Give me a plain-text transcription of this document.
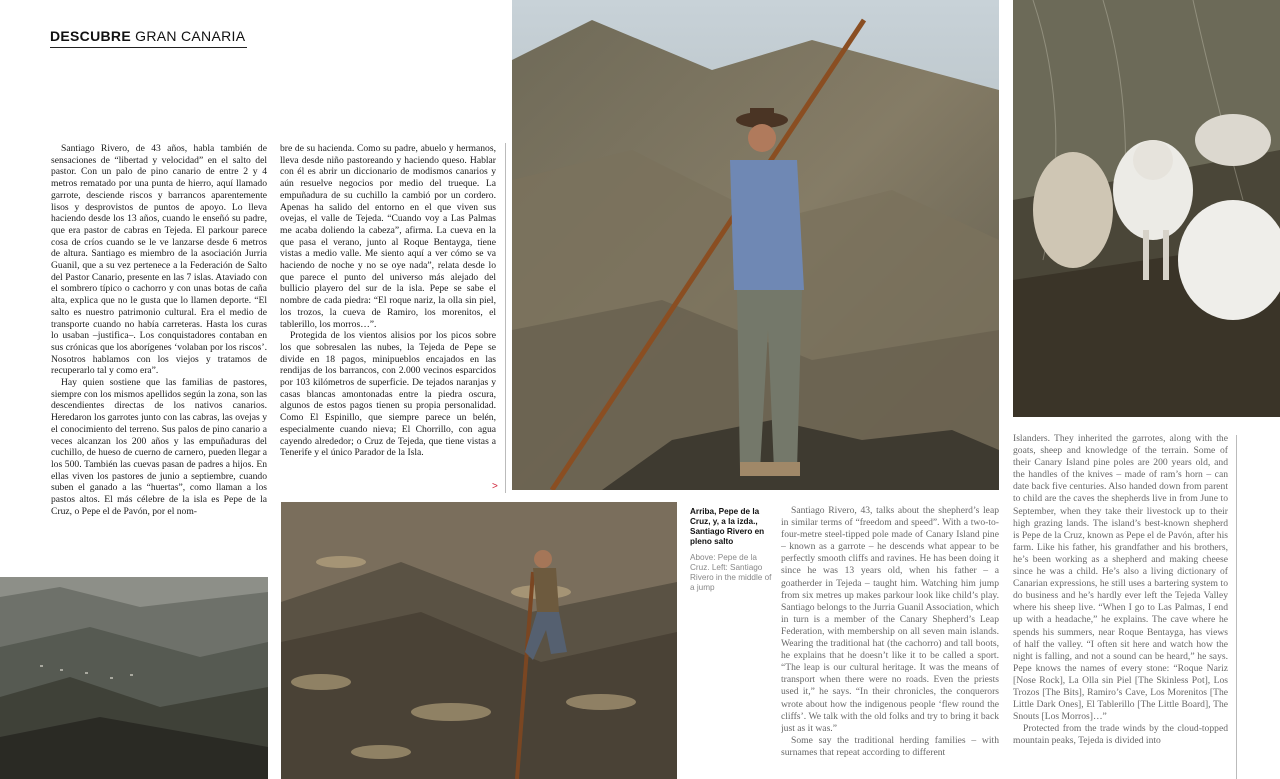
DESCUBRE GRAN CANARIA

Santiago Rivero, de 43 años, habla también de sensaciones de “libertad y velocidad” en el salto del pastor. Con un palo de pino canario de entre 2 y 4 metros rematado por una punta de hierro, aquí llamado garrote, desciende riscos y barrancos aparentemente lisos y desprovistos de puntos de apoyo. Lo lleva haciendo desde los 13 años, cuando le enseñó su padre, que era pastor de cabras en Tejeda. El parkour parece cosa de críos cuando se le ve lanzarse desde 6 metros de altura. Santiago es miembro de la asociación Jurria Guanil, que a su vez pertenece a la Federación de Salto del Pastor Canario, presente en las 7 islas. Ataviado con el sombrero típico o cachorro y con unas botas de caña alta, explica que no le gusta que lo llamen deporte. “El salto es nuestro patrimonio cultural. Era el medio de transporte cuando no había carreteras. Hasta los curas lo usaban –justifica–. Los conquistadores contaban en sus crónicas que los aborígenes ‘volaban por los riscos’. Nosotros hablamos con los viejos y tratamos de recuperarlo tal y como era”.

Hay quien sostiene que las familias de pastores, siempre con los mismos apellidos según la zona, son las descendientes directas de los nativos canarios. Heredaron los garrotes junto con las cabras, las ovejas y el conocimiento del terreno. Sus palos de pino canario a veces alcanzan los 200 años y las empuñaduras del cuchillo, de hueso de cuerno de carnero, pueden llegar a los 500. También las cuevas pasan de padres a hijos. En ellas viven los pastores de junio a septiembre, cuando suben el ganado a las “huertas”, como llaman a los pastos altos. El más célebre de la isla es Pepe de la Cruz, o Pepe el de Pavón, por el nom-

bre de su hacienda. Como su padre, abuelo y hermanos, lleva desde niño pastoreando y haciendo queso. Hablar con él es abrir un diccionario de modismos canarios y aún resuelve negocios por medio del trueque. La empuñadura de su cuchillo la cambió por un cordero. Apenas ha salido del entorno en el que viven sus ovejas, el valle de Tejeda. “Cuando voy a Las Palmas me acaba doliendo la cabeza”, afirma. La cueva en la que pasa el verano, junto al Roque Bentayga, tiene vistas a medio valle. Me siento aquí a ver cómo se va haciendo de noche y no se oye nada”, relata desde lo que parece el punto del universo más alejado del bullicio playero del sur de la isla. Pepe se sabe el nombre de cada piedra: “El roque nariz, la olla sin piel, los trozos, la cueva de Ramiro, los morenitos, el tablerillo, los morros…”.

Protegida de los vientos alisios por los picos sobre los que sobresalen las nubes, la Tejeda de Pepe se divide en 18 pagos, minipueblos encajados en las rendijas de los barrancos, con 2.000 vecinos esparcidos por 103 kilómetros de superficie. De tejados naranjas y casas blancas amontonadas entre la piedra oscura, algunos de estos pagos tienen su propia personalidad. Como El Espinillo, que siempre parece un belén, especialmente cuando nieva; El Chorrillo, con agua cayendo alrededor; o Cruz de Tejeda, que tiene vistas a Tenerife y el único Parador de la Isla.

>
Arriba, Pepe de la Cruz, y, a la izda., Santiago Rivero en pleno salto
Above: Pepe de la Cruz. Left: Santiago Rivero in the middle of a jump

Santiago Rivero, 43, talks about the shepherd’s leap in similar terms of “freedom and speed”. With a two-to-four-metre steel-tipped pole made of Canary Island pine – known as a garrote – he descends what appear to be perfectly smooth cliffs and ravines. He has been doing it since he was 13 years old, when his father – a goatherder in Tejeda – taught him. Watching him jump from six metres up makes parkour look like child’s play. Santiago belongs to the Jurria Guanil Association, which in turn is a member of the Canary Shepherd’s Leap Federation, with membership on all seven main islands. Wearing the traditional hat (the cachorro) and tall boots, he explains that he doesn’t like it to be called a sport. “The leap is our cultural heritage. It was the means of transport when there were no roads. Even the priests used it,” he says. “In their chronicles, the conquerors wrote about how the indigenous people ‘flew round the cliffs’. We talk with the old folks and try to bring it back just as it was.”

Some say the traditional herding families – with surnames that repeat according to different

Islanders. They inherited the garrotes, along with the goats, sheep and knowledge of the terrain. Some of their Canary Island pine poles are 200 years old, and the handles of the knives – made of ram’s horn – can date back five centuries. Also handed down from parent to child are the caves the shepherds live in from June to September, when they take their livestock up to their high grazing lands. The island’s best-known shepherd is Pepe de la Cruz, known as Pepe el de Pavón, after his farm. Like his father, his grandfather and his brothers, he’s been working as a shepherd and making cheese since he was a child. He’s also a living dictionary of Canarian expressions, he still uses a bartering system to do business and he’s hardly ever left the Tejeda Valley where his sheep live. “When I go to Las Palmas, I end up with a headache,” he explains. The cave where he spends his summers, near Roque Bentayga, has views of half the valley. “I often sit here and watch how the night is falling, and not a sound can be heard,” he says. Pepe knows the names of every stone: “Roque Nariz [Nose Rock], La Olla sin Piel [The Skinless Pot], Los Trozos [The Bits], Ramiro’s Cave, Los Morenitos [The Little Dark Ones], El Tablerillo [The Little Board], The Snouts [Los Morros]…”

Protected from the trade winds by the cloud-topped mountain peaks, Tejeda is divided into
